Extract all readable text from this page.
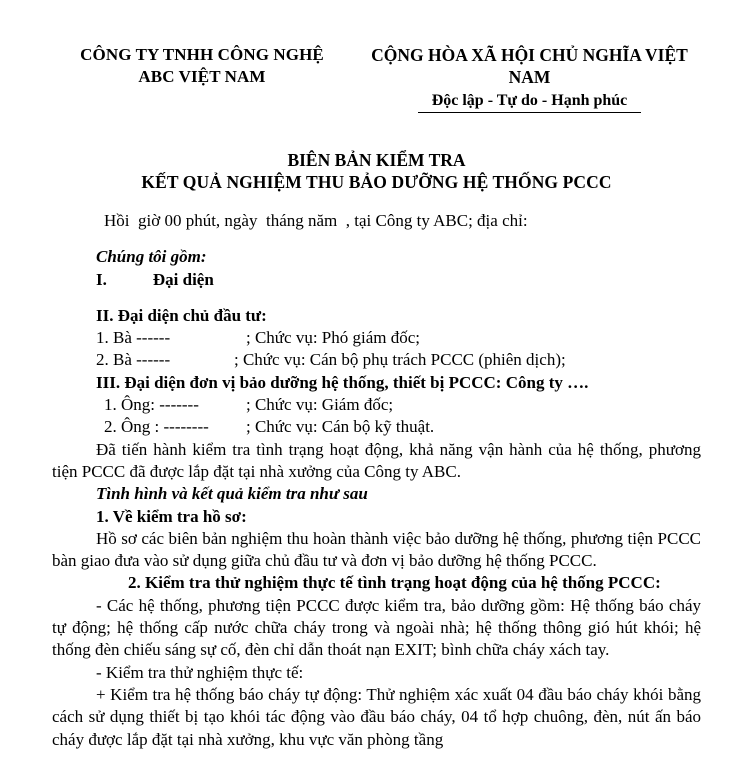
CÔNG TY TNHH CÔNG NGHỆ
ABC VIỆT NAM
CỘNG HÒA XÃ HỘI CHỦ NGHĨA VIỆT NAM
Độc lập - Tự do - Hạnh phúc
BIÊN BẢN KIỂM TRA
KẾT QUẢ NGHIỆM THU BẢO DƯỠNG HỆ THỐNG PCCC

Hồi  giờ 00 phút, ngày  tháng năm  , tại Công ty ABC; địa chỉ:

Chúng tôi gồm:

I.	Đại diện

II. Đại diện chủ đầu tư:

1. Bà ------	; Chức vụ: Phó giám đốc;

2. Bà ------	; Chức vụ: Cán bộ phụ trách PCCC (phiên dịch);

III. Đại diện đơn vị bảo dưỡng hệ thống, thiết bị PCCC: Công ty ….

1. Ông: -------	; Chức vụ: Giám đốc;

2. Ông : -------- ; Chức vụ: Cán bộ kỹ thuật.

Đã tiến hành kiểm tra tình trạng hoạt động, khả năng vận hành của hệ thống, phương tiện PCCC đã được lắp đặt tại nhà xưởng của Công ty ABC.

Tình hình và kết quả kiểm tra như sau

1. Về kiểm tra hồ sơ:

Hồ sơ các biên bản nghiệm thu hoàn thành việc bảo dưỡng hệ thống, phương tiện PCCC bàn giao đưa vào sử dụng giữa chủ đầu tư và đơn vị bảo dưỡng hệ thống PCCC.

2. Kiểm tra thử nghiệm thực tế tình trạng hoạt động của hệ thống PCCC:

- Các hệ thống, phương tiện PCCC được kiểm tra, bảo dưỡng gồm: Hệ thống báo cháy tự động; hệ thống cấp nước chữa cháy trong và ngoài nhà; hệ thống thông gió hút khói; hệ thống đèn chiếu sáng sự cố, đèn chỉ dẫn thoát nạn EXIT; bình chữa cháy xách tay.

- Kiểm tra thử nghiệm thực tế:

+ Kiểm tra hệ thống báo cháy tự động: Thử nghiệm xác xuất 04 đầu báo cháy khói bằng cách sử dụng thiết bị tạo khói tác động vào đầu báo cháy, 04 tổ hợp chuông, đèn, nút ấn báo cháy được lắp đặt tại nhà xưởng, khu vực văn phòng tầng
